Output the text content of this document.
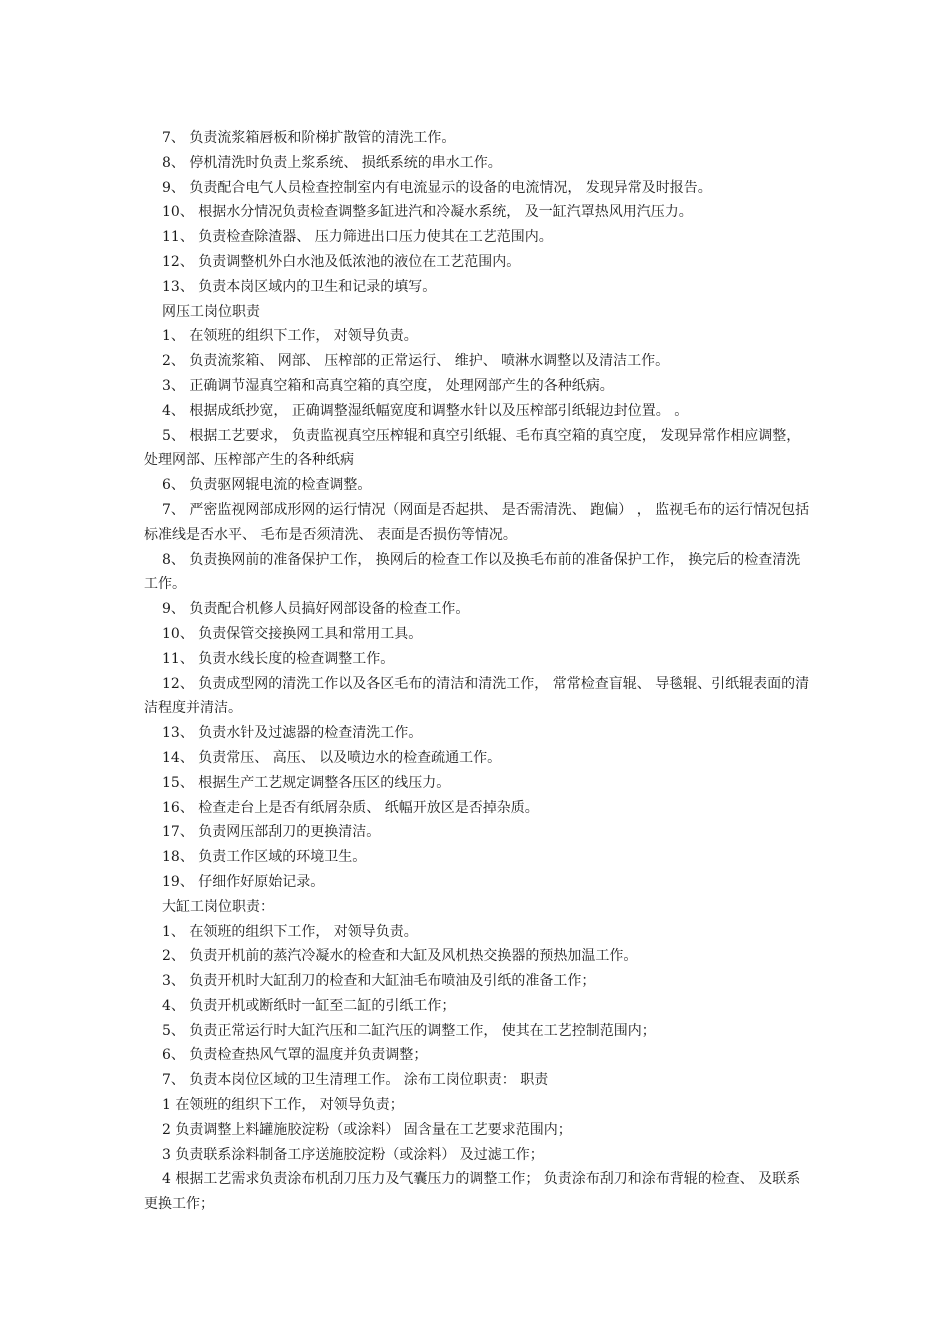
7、 负责流浆箱唇板和阶梯扩散管的清洗工作。

8、 停机清洗时负责上浆系统、 损纸系统的串水工作。

9、 负责配合电气人员检查控制室内有电流显示的设备的电流情况， 发现异常及时报告。

10、 根据水分情况负责检查调整多缸进汽和冷凝水系统， 及一缸汽罩热风用汽压力。

11、 负责检查除渣器、 压力筛进出口压力使其在工艺范围内。

12、 负责调整机外白水池及低浓池的液位在工艺范围内。

13、 负责本岗区域内的卫生和记录的填写。

网压工岗位职责

1、 在领班的组织下工作， 对领导负责。

2、 负责流浆箱、 网部、 压榨部的正常运行、 维护、 喷淋水调整以及清洁工作。

3、 正确调节湿真空箱和高真空箱的真空度， 处理网部产生的各种纸病。

4、 根据成纸抄宽， 正确调整湿纸幅宽度和调整水针以及压榨部引纸辊边封位置。 。

5、 根据工艺要求， 负责监视真空压榨辊和真空引纸辊、毛布真空箱的真空度， 发现异常作相应调整， 处理网部、压榨部产生的各种纸病

6、 负责驱网辊电流的检查调整。

7、 严密监视网部成形网的运行情况（网面是否起拱、 是否需清洗、 跑偏） ， 监视毛布的运行情况包括标准线是否水平、 毛布是否须清洗、 表面是否损伤等情况。

8、 负责换网前的准备保护工作， 换网后的检查工作以及换毛布前的准备保护工作， 换完后的检查清洗工作。

9、 负责配合机修人员搞好网部设备的检查工作。

10、 负责保管交接换网工具和常用工具。

11、 负责水线长度的检查调整工作。

12、 负责成型网的清洗工作以及各区毛布的清洁和清洗工作， 常常检查盲辊、 导毯辊、引纸辊表面的清洁程度并清洁。

13、 负责水针及过滤器的检查清洗工作。

14、 负责常压、 高压、 以及喷边水的检查疏通工作。

15、 根据生产工艺规定调整各压区的线压力。

16、 检查走台上是否有纸屑杂质、 纸幅开放区是否掉杂质。

17、 负责网压部刮刀的更换清洁。

18、 负责工作区域的环境卫生。

19、 仔细作好原始记录。

大缸工岗位职责：

1、 在领班的组织下工作， 对领导负责。

2、 负责开机前的蒸汽冷凝水的检查和大缸及风机热交换器的预热加温工作。

3、 负责开机时大缸刮刀的检查和大缸油毛布喷油及引纸的准备工作；

4、 负责开机或断纸时一缸至二缸的引纸工作；

5、 负责正常运行时大缸汽压和二缸汽压的调整工作， 使其在工艺控制范围内；

6、 负责检查热风气罩的温度并负责调整；

7、 负责本岗位区域的卫生清理工作。 涂布工岗位职责： 职责

1 在领班的组织下工作， 对领导负责；

2 负责调整上料罐施胶淀粉（或涂料） 固含量在工艺要求范围内；

3 负责联系涂料制备工序送施胶淀粉（或涂料） 及过滤工作；

4 根据工艺需求负责涂布机刮刀压力及气囊压力的调整工作； 负责涂布刮刀和涂布背辊的检查、 及联系更换工作；
